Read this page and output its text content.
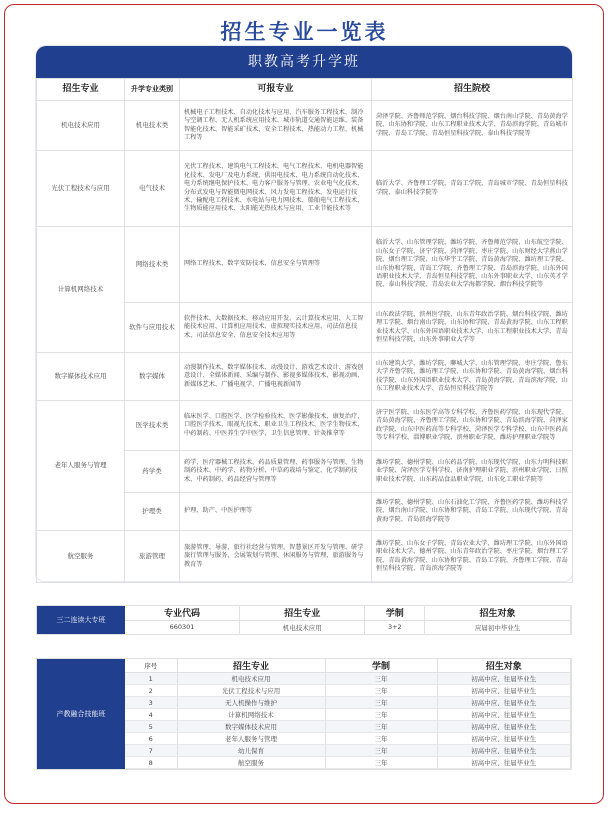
招生专业一览表
职教高考升学班
招生专业	升学专业类别	可报专业	招生院校
机电技术应用	机电技术类	机械电子工程技术、自动化技术与应用、汽车服务工程技术、制冷与空调工程、无人机系统应用技术、城市轨道交通智能运维、装备智能化技术、智能采矿技术、安全工程技术、热能动力工程、机械工程等	菏泽学院、齐鲁师范学院、烟台科技学院、烟台南山学院、青岛黄海学院、山东协和学院、山东工程职业技术大学、青岛滨海学院、青岛城市学院、青岛工学院、青岛恒星科技学院、泰山科技学院等
光伏工程技术与应用	电气技术	光伏工程技术、建筑电气工程技术、电气工程技术、电机电器智能化技术、发电厂及电力系统、供用电技术、电力系统自动化技术、电力系统继电保护技术、电力客户服务与管理、农业电气化技术、分布式发电与智能微电网技术、风力发电工程技术、发电运行技术、输配电工程技术、水电站与电力网技术、船舶电气工程技术、生物质能应用技术、太阳能光热技术与应用、工业节能技术等	临沂大学、齐鲁理工学院、青岛工学院、青岛城市学院、青岛恒星科技学院、泰山科技学院等
计算机网络技术	网络技术类	网络工程技术、数字安防技术、信息安全与管理等	临沂大学、山东管理学院、潍坊学院、齐鲁师范学院、山东航空学院、山东女子学院、济宁学院、菏泽学院、枣庄学院、山东财经大学燕山学院、烟台理工学院、山东华宇工学院、青岛黄海学院、潍坊理工学院、山东协和学院、青岛工学院、齐鲁理工学院、青岛滨海学院、山东外国语职业技术大学、青岛恒星科技学院、山东外事职业大学、山东英才学院、泰山科技学院、青岛农业大学海都学院、烟台科技学院等
	软件与应用技术	软件技术、大数据技术、移动应用开发、云计算技术应用、人工智能技术应用、计算机应用技术、虚拟现实技术应用、司法信息技术、司法信息安全、信息安全技术应用等	山东政法学院、滨州医学院、山东青年政治学院、烟台科技学院、潍坊理工学院、烟台南山学院、山东协和学院、青岛黄海学院、山东工程职业技术大学、山东外国语职业技术大学、山东工程职业技术大学、青岛恒星科技学院、山东外事职业大学等
数字媒体技术应用	数字媒体	动漫制作技术、数字媒体技术、动漫设计、游戏艺术设计、游戏创意设计、全媒体新闻、采编与制作、影视多媒体技术、影视动画、新媒体艺术、广播电视学、广播电视新闻等	山东建筑大学、潍坊学院、聊城大学、山东管理学院、枣庄学院、鲁东大学齐鲁学院、潍坊理工学院、山东协和学院、青岛黄海学院、烟台科技学院、山东外国语职业技术大学、青岛黄海学院、青岛滨海学院、山东工程职业技术大学、青岛恒星科技学院等
老年人服务与管理	医学技术类	临床医学、口腔医学、医学检验技术、医学影像技术、康复治疗、口腔医学技术、眼视光技术、职业卫生工程技术、医学生物技术、中药制药、中医养生学中医学、卫生信息管理、针灸推拿等	济宁医学院、山东医学高等专科学校、齐鲁医药学院、山东现代学院、青岛黄海学院、齐鲁理工学院、山东协和学院、青岛滨海学院、菏泽家政学院、山东中医药高等专科学校、菏泽医学专科学校、山东中医药高等专科学校、淄博职业学院、滨州职业学院、潍坊护理职业学院等
	药学类	药学、医疗器械工程技术、药品质量管理、药事服务与管理、生物制药技术、中药学、药物分析、中草药栽培与鉴定、化学制药技术、中药制药、药品经营与管理等	潍坊学院、德州学院、山东药品学院、山东现代学院、山东力明科技职业学院、菏泽医学专科学校、济南护理职业学院、滨州职业学院、日照职业技术学院、山东药品食品职业学院、山东化工职业学院等
	护理类	护理、助产、中医护理等	潍坊学院、德州学院、山东石油化工学院、齐鲁医药学院、潍坊科技学院、烟台南山学院、山东协和学院、青岛工学院、山东现代学院、青岛黄海学院、青岛滨海学院等
航空服务	旅游管理	旅游管理、导游、旅行社经营与管理、智慧景区开发与管理、研学旅行管理与服务、会展策划与管理、休闲服务与管理、旅游服务与教育等	潍坊学院、山东女子学院、青岛农业大学、潍坊理工学院、山东外国语职业技术大学、德州学院、山东青年政治学院、枣庄学院、烟台理工学院、青岛黄海学院、山东协和学院、青岛工学院、齐鲁理工学院、青岛恒星科技学院、青岛滨海学院等
三二连读大专班
专业代码	招生专业	学制	招生对象
660301	机电技术应用	3+2	应届初中毕业生
产教融合技能班
序号	招生专业	学制	招生对象
1	机电技术应用	三年	初高中应、往届毕业生
2	光伏工程技术与应用	三年	初高中应、往届毕业生
3	无人机操作与维护	三年	初高中应、往届毕业生
4	计算机网络技术	三年	初高中应、往届毕业生
5	数字媒体技术应用	三年	初高中应、往届毕业生
6	老年人服务与管理	三年	初高中应、往届毕业生
7	幼儿保育	三年	初高中应、往届毕业生
8	航空服务	三年	初高中应、往届毕业生
